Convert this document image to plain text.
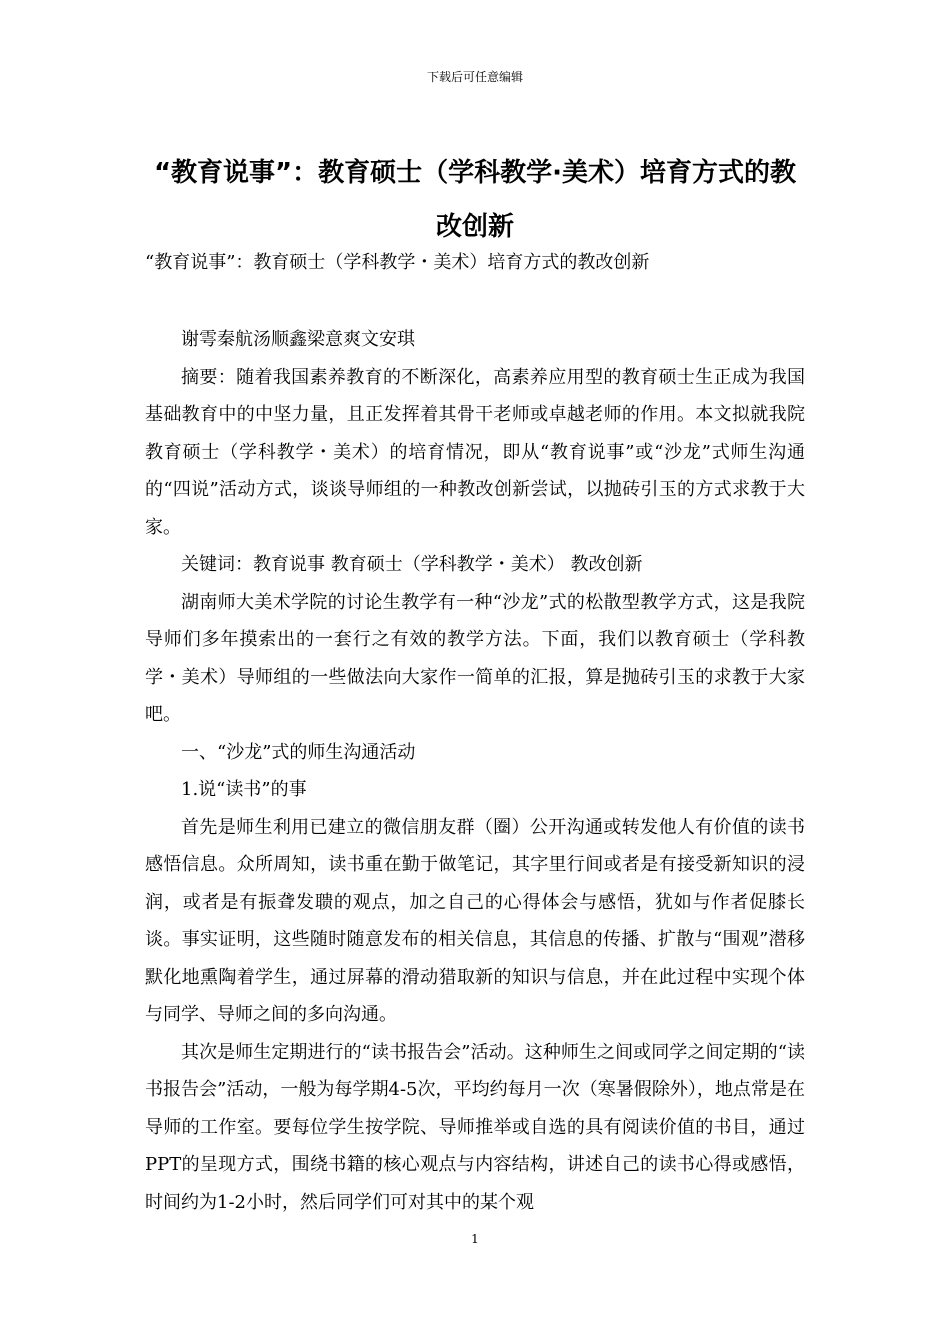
下载后可任意编辑
“教育说事”：教育硕士（学科教学·美术）培育方式的教改创新
“教育说事”：教育硕士（学科教学・美术）培育方式的教改创新

谢雩秦航汤顺鑫梁意爽文安琪

摘要：随着我国素养教育的不断深化，高素养应用型的教育硕士生正成为我国基础教育中的中坚力量，且正发挥着其骨干老师或卓越老师的作用。本文拟就我院教育硕士（学科教学・美术）的培育情况，即从“教育说事”或“沙龙”式师生沟通的“四说”活动方式，谈谈导师组的一种教改创新尝试，以抛砖引玉的方式求教于大家。

关键词：教育说事 教育硕士（学科教学・美术） 教改创新

湖南师大美术学院的讨论生教学有一种“沙龙”式的松散型教学方式，这是我院导师们多年摸索出的一套行之有效的教学方法。下面，我们以教育硕士（学科教学・美术）导师组的一些做法向大家作一简单的汇报，算是抛砖引玉的求教于大家吧。

一、“沙龙”式的师生沟通活动

1.说“读书”的事

首先是师生利用已建立的微信朋友群（圈）公开沟通或转发他人有价值的读书感悟信息。众所周知，读书重在勤于做笔记，其字里行间或者是有接受新知识的浸润，或者是有振聋发聩的观点，加之自己的心得体会与感悟，犹如与作者促膝长谈。事实证明，这些随时随意发布的相关信息，其信息的传播、扩散与“围观”潜移默化地熏陶着学生，通过屏幕的滑动猎取新的知识与信息，并在此过程中实现个体与同学、导师之间的多向沟通。

其次是师生定期进行的“读书报告会”活动。这种师生之间或同学之间定期的“读书报告会”活动，一般为每学期4-5次，平均约每月一次（寒暑假除外），地点常是在导师的工作室。要每位学生按学院、导师推举或自选的具有阅读价值的书目，通过PPT的呈现方式，围绕书籍的核心观点与内容结构，讲述自己的读书心得或感悟，时间约为1-2小时，然后同学们可对其中的某个观

1
